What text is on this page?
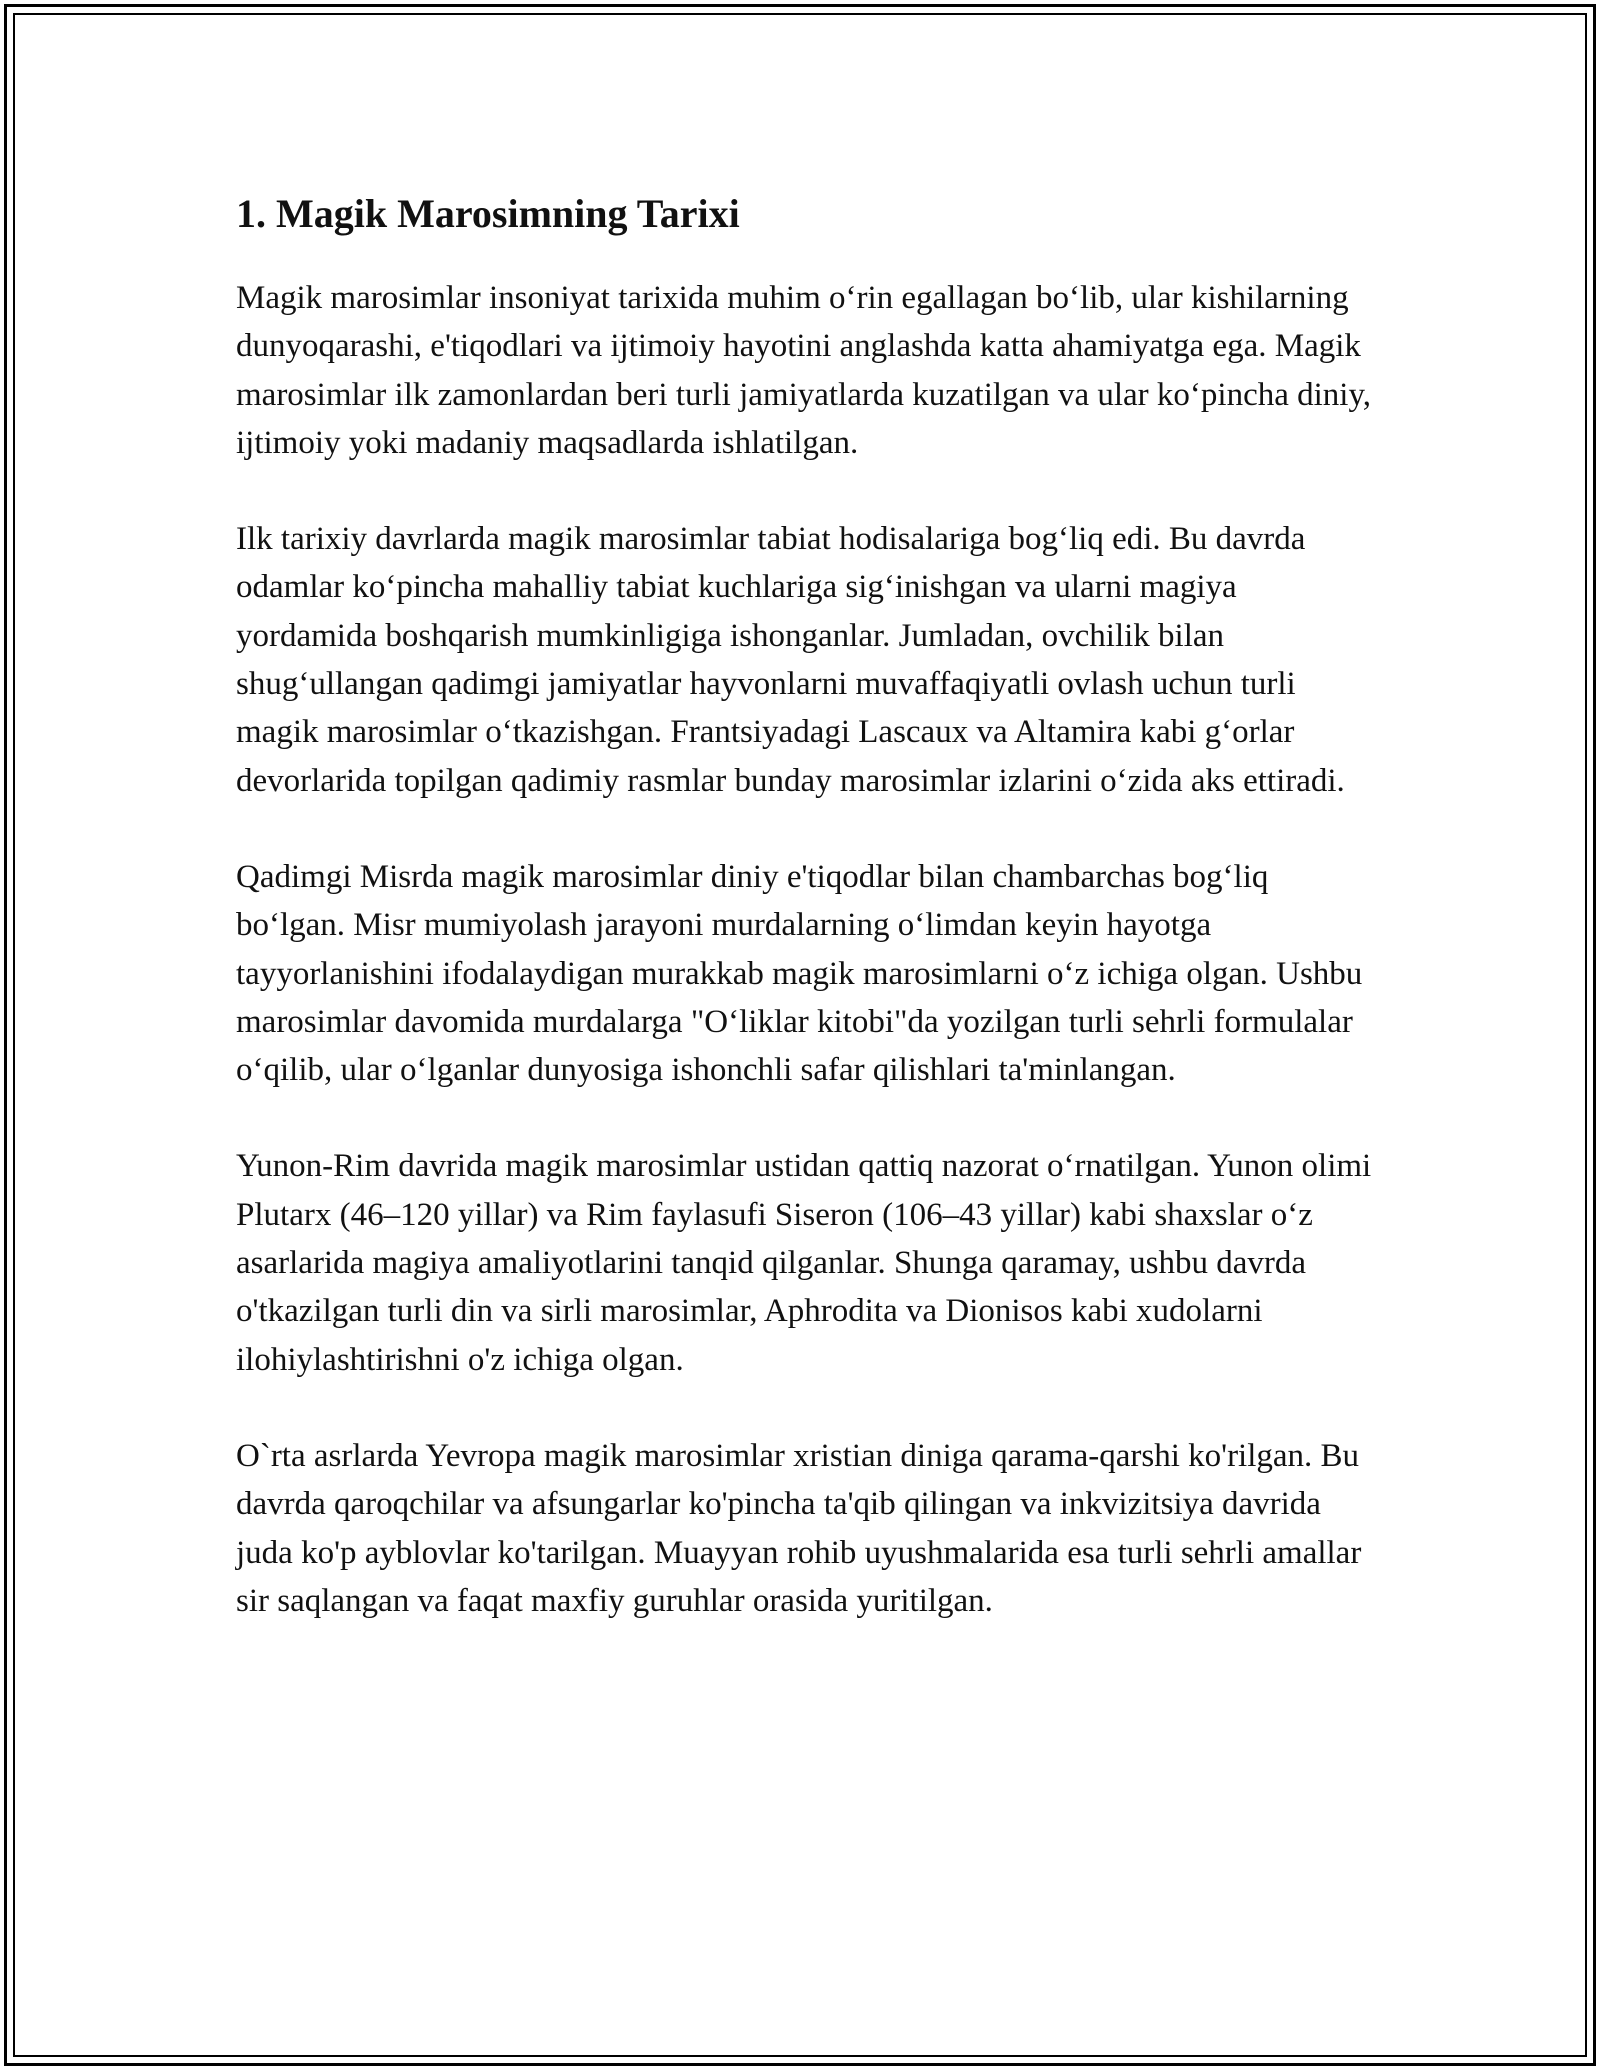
1. Magik Marosimning Tarixi

Magik marosimlar insoniyat tarixida muhim o‘rin egallagan bo‘lib, ular kishilarning dunyoqarashi, e'tiqodlari va ijtimoiy hayotini anglashda katta ahamiyatga ega. Magik marosimlar ilk zamonlardan beri turli jamiyatlarda kuzatilgan va ular ko‘pincha diniy, ijtimoiy yoki madaniy maqsadlarda ishlatilgan.

Ilk tarixiy davrlarda magik marosimlar tabiat hodisalariga bog‘liq edi. Bu davrda odamlar ko‘pincha mahalliy tabiat kuchlariga sig‘inishgan va ularni magiya yordamida boshqarish mumkinligiga ishonganlar. Jumladan, ovchilik bilan shug‘ullangan qadimgi jamiyatlar hayvonlarni muvaffaqiyatli ovlash uchun turli magik marosimlar o‘tkazishgan. Frantsiyadagi Lascaux va Altamira kabi g‘orlar devorlarida topilgan qadimiy rasmlar bunday marosimlar izlarini o‘zida aks ettiradi.

Qadimgi Misrda magik marosimlar diniy e'tiqodlar bilan chambarchas bog‘liq bo‘lgan. Misr mumiyolash jarayoni murdalarning o‘limdan keyin hayotga tayyorlanishini ifodalaydigan murakkab magik marosimlarni o‘z ichiga olgan. Ushbu marosimlar davomida murdalarga "O‘liklar kitobi"da yozilgan turli sehrli formulalar o‘qilib, ular o‘lganlar dunyosiga ishonchli safar qilishlari ta'minlangan.

Yunon-Rim davrida magik marosimlar ustidan qattiq nazorat o‘rnatilgan. Yunon olimi Plutarx (46–120 yillar) va Rim faylasufi Siseron (106–43 yillar) kabi shaxslar o‘z asarlarida magiya amaliyotlarini tanqid qilganlar. Shunga qaramay, ushbu davrda o'tkazilgan turli din va sirli marosimlar, Aphrodita va Dionisos kabi xudolarni ilohiylashtirishni o'z ichiga olgan.

O`rta asrlarda Yevropa magik marosimlar xristian diniga qarama-qarshi ko'rilgan. Bu davrda qaroqchilar va afsungarlar ko'pincha ta'qib qilingan va inkvizitsiya davrida juda ko'p ayblovlar ko'tarilgan. Muayyan rohib uyushmalarida esa turli sehrli amallar sir saqlangan va faqat maxfiy guruhlar orasida yuritilgan.
